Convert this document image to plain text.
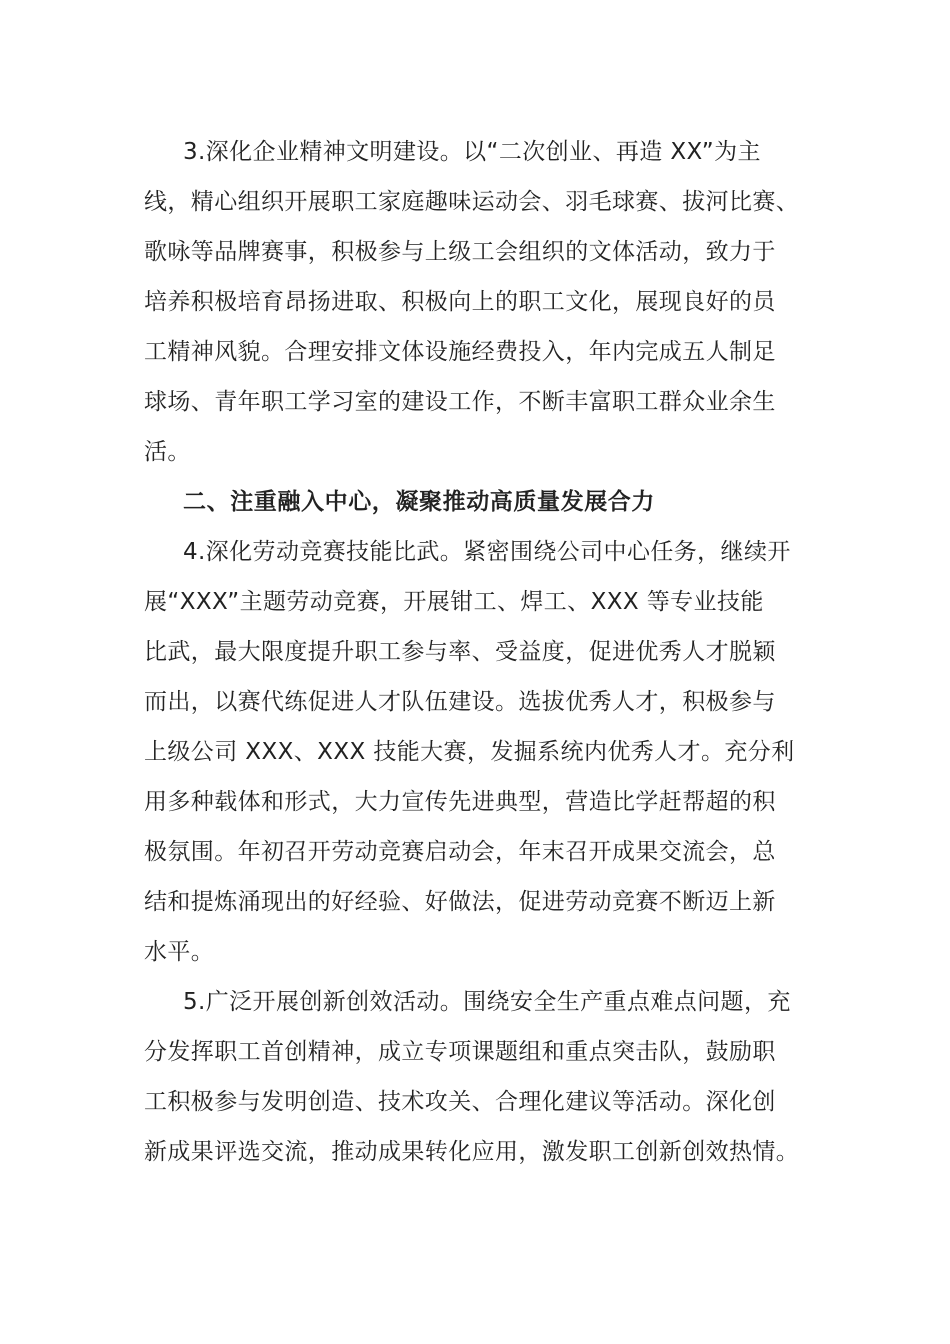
3.深化企业精神文明建设。以“二次创业、再造 XX”为主
线，精心组织开展职工家庭趣味运动会、羽毛球赛、拔河比赛、
歌咏等品牌赛事，积极参与上级工会组织的文体活动，致力于
培养积极培育昂扬进取、积极向上的职工文化，展现良好的员
工精神风貌。合理安排文体设施经费投入，年内完成五人制足
球场、青年职工学习室的建设工作，不断丰富职工群众业余生
活。
二、注重融入中心，凝聚推动高质量发展合力
4.深化劳动竞赛技能比武。紧密围绕公司中心任务，继续开
展“XXX”主题劳动竞赛，开展钳工、焊工、XXX 等专业技能
比武，最大限度提升职工参与率、受益度，促进优秀人才脱颖
而出，以赛代练促进人才队伍建设。选拔优秀人才，积极参与
上级公司 XXX、XXX 技能大赛，发掘系统内优秀人才。充分利
用多种载体和形式，大力宣传先进典型，营造比学赶帮超的积
极氛围。年初召开劳动竞赛启动会，年末召开成果交流会，总
结和提炼涌现出的好经验、好做法，促进劳动竞赛不断迈上新
水平。
5.广泛开展创新创效活动。围绕安全生产重点难点问题，充
分发挥职工首创精神，成立专项课题组和重点突击队，鼓励职
工积极参与发明创造、技术攻关、合理化建议等活动。深化创
新成果评选交流，推动成果转化应用，激发职工创新创效热情。
